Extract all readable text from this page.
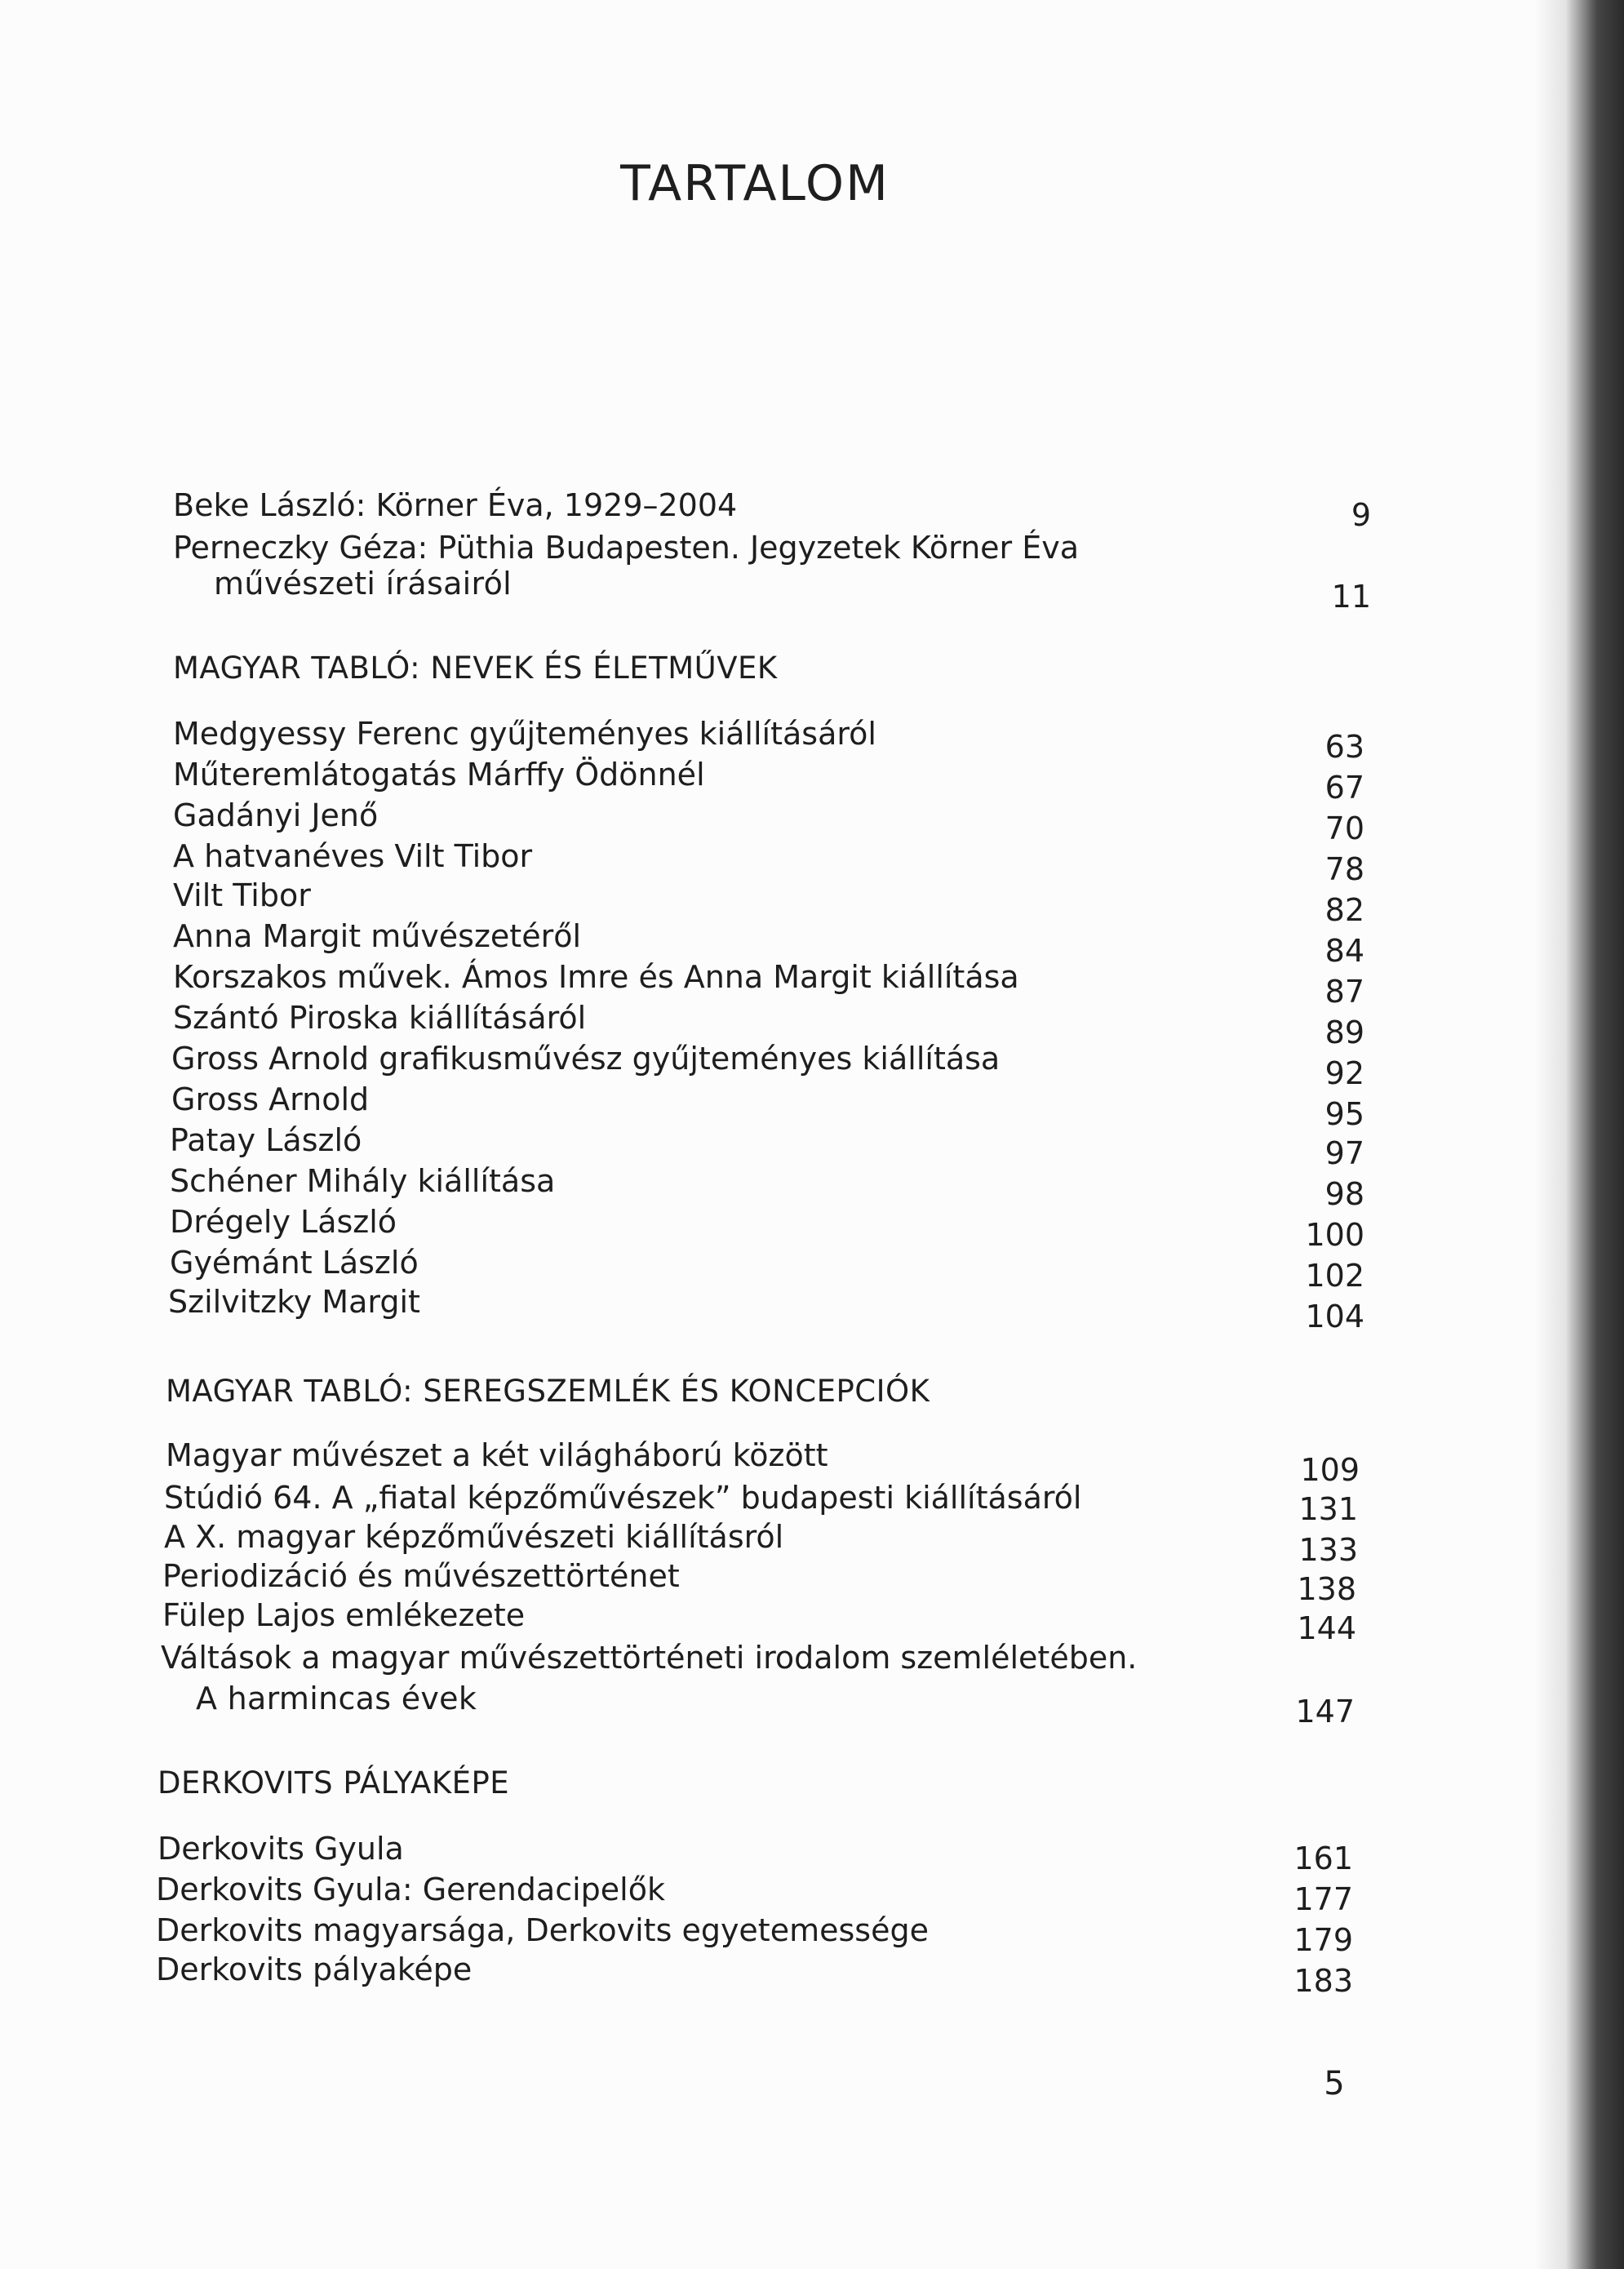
TARTALOM
Beke László: Körner Éva, 1929–2004	9
Perneczky Géza: Püthia Budapesten. Jegyzetek Körner Éva
művészeti írásairól	11
MAGYAR TABLÓ: NEVEK ÉS ÉLETMŰVEK
MAGYAR TABLÓ: SEREGSZEMLÉK ÉS KONCEPCIÓK
DERKOVITS PÁLYAKÉPE
Medgyessy Ferenc gyűjteményes kiállításáról	63
Műteremlátogatás Márffy Ödönnél	67
Gadányi Jenő	70
A hatvanéves Vilt Tibor	78
Vilt Tibor	82
Anna Margit művészetéről	84
Korszakos művek. Ámos Imre és Anna Margit kiállítása	87
Szántó Piroska kiállításáról	89
Gross Arnold grafikusművész gyűjteményes kiállítása	92
Gross Arnold	95
Patay László	97
Schéner Mihály kiállítása	98
Drégely László	100
Gyémánt László	102
Szilvitzky Margit	104
Magyar művészet a két világháború között	109
Stúdió 64. A „fiatal képzőművészek” budapesti kiállításáról	131
A X. magyar képzőművészeti kiállításról	133
Periodizáció és művészettörténet	138
Fülep Lajos emlékezete	144
Váltások a magyar művészettörténeti irodalom szemléletében.
A harmincas évek	147
Derkovits Gyula	161
Derkovits Gyula: Gerendacipelők	177
Derkovits magyarsága, Derkovits egyetemessége	179
Derkovits pályaképe	183
5
